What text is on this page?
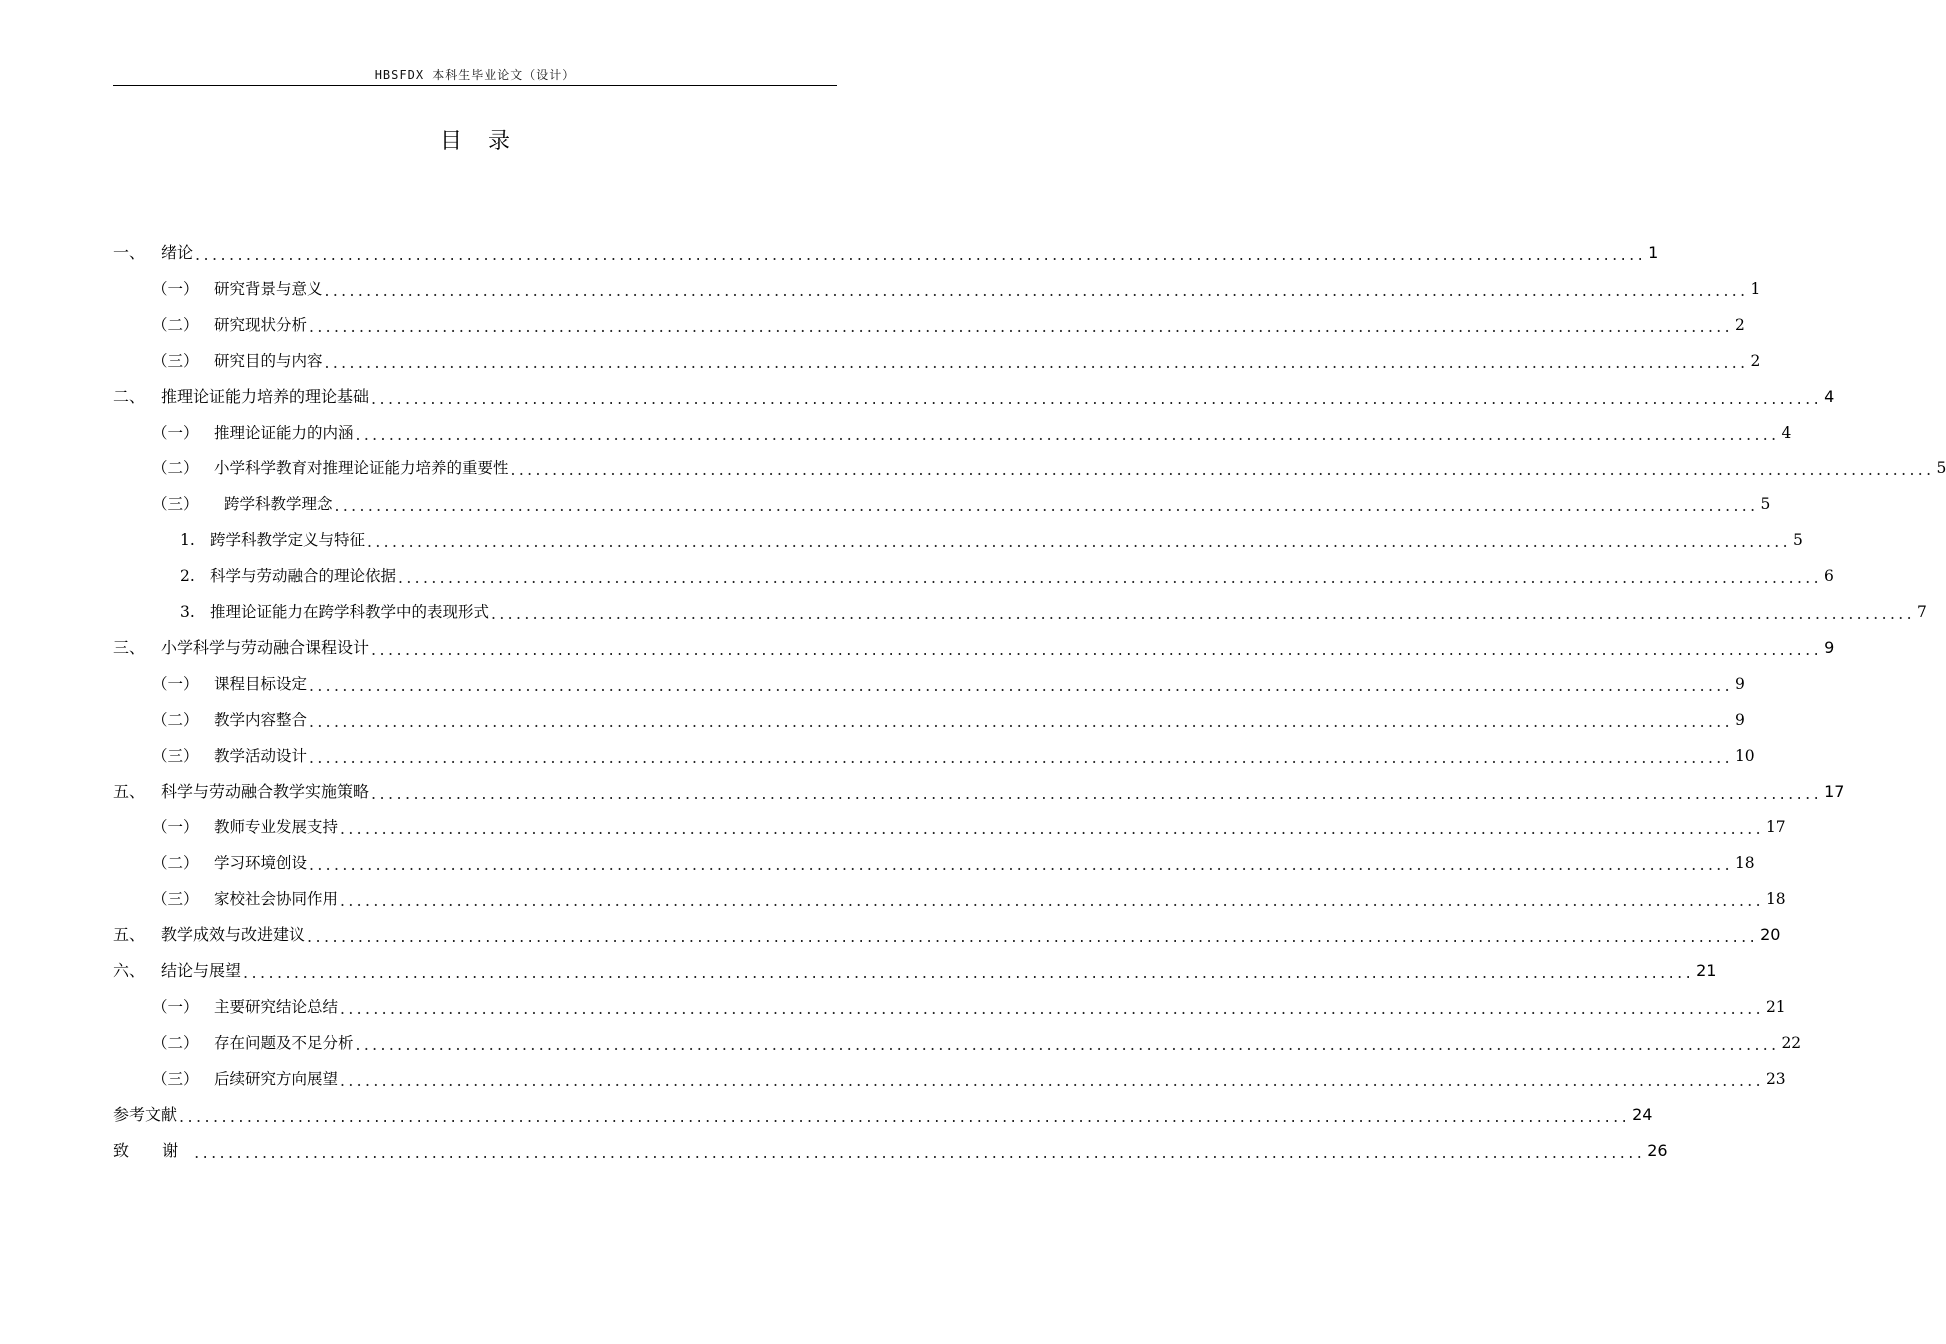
HBSFDX 本科生毕业论文（设计）
目录
一、 绪论 ........................................................................................................................................................................... 1
（一） 研究背景与意义 ........................................................................................................................................................................... 1
（二） 研究现状分析 ........................................................................................................................................................................... 2
（三） 研究目的与内容 ........................................................................................................................................................................... 2
二、 推理论证能力培养的理论基础 ........................................................................................................................................................................... 4
（一） 推理论证能力的内涵 ........................................................................................................................................................................... 4
（二） 小学科学教育对推理论证能力培养的重要性 ........................................................................................................................................................................... 5
（三）	跨学科教学理念 ........................................................................................................................................................................... 5
1. 跨学科教学定义与特征 ........................................................................................................................................................................... 5
2. 科学与劳动融合的理论依据 ........................................................................................................................................................................... 6
3. 推理论证能力在跨学科教学中的表现形式 ........................................................................................................................................................................... 7
三、 小学科学与劳动融合课程设计 ........................................................................................................................................................................... 9
（一） 课程目标设定 ........................................................................................................................................................................... 9
（二） 教学内容整合 ........................................................................................................................................................................... 9
（三） 教学活动设计 ........................................................................................................................................................................... 10
五、 科学与劳动融合教学实施策略 ........................................................................................................................................................................... 17
（一） 教师专业发展支持 ........................................................................................................................................................................... 17
（二） 学习环境创设 ........................................................................................................................................................................... 18
（三） 家校社会协同作用 ........................................................................................................................................................................... 18
五、 教学成效与改进建议 ........................................................................................................................................................................... 20
六、 结论与展望 ........................................................................................................................................................................... 21
（一） 主要研究结论总结 ........................................................................................................................................................................... 21
（二） 存在问题及不足分析 ........................................................................................................................................................................... 22
（三） 后续研究方向展望 ........................................................................................................................................................................... 23
参考文献 ........................................................................................................................................................................... 24
致 谢 ........................................................................................................................................................................... 26
